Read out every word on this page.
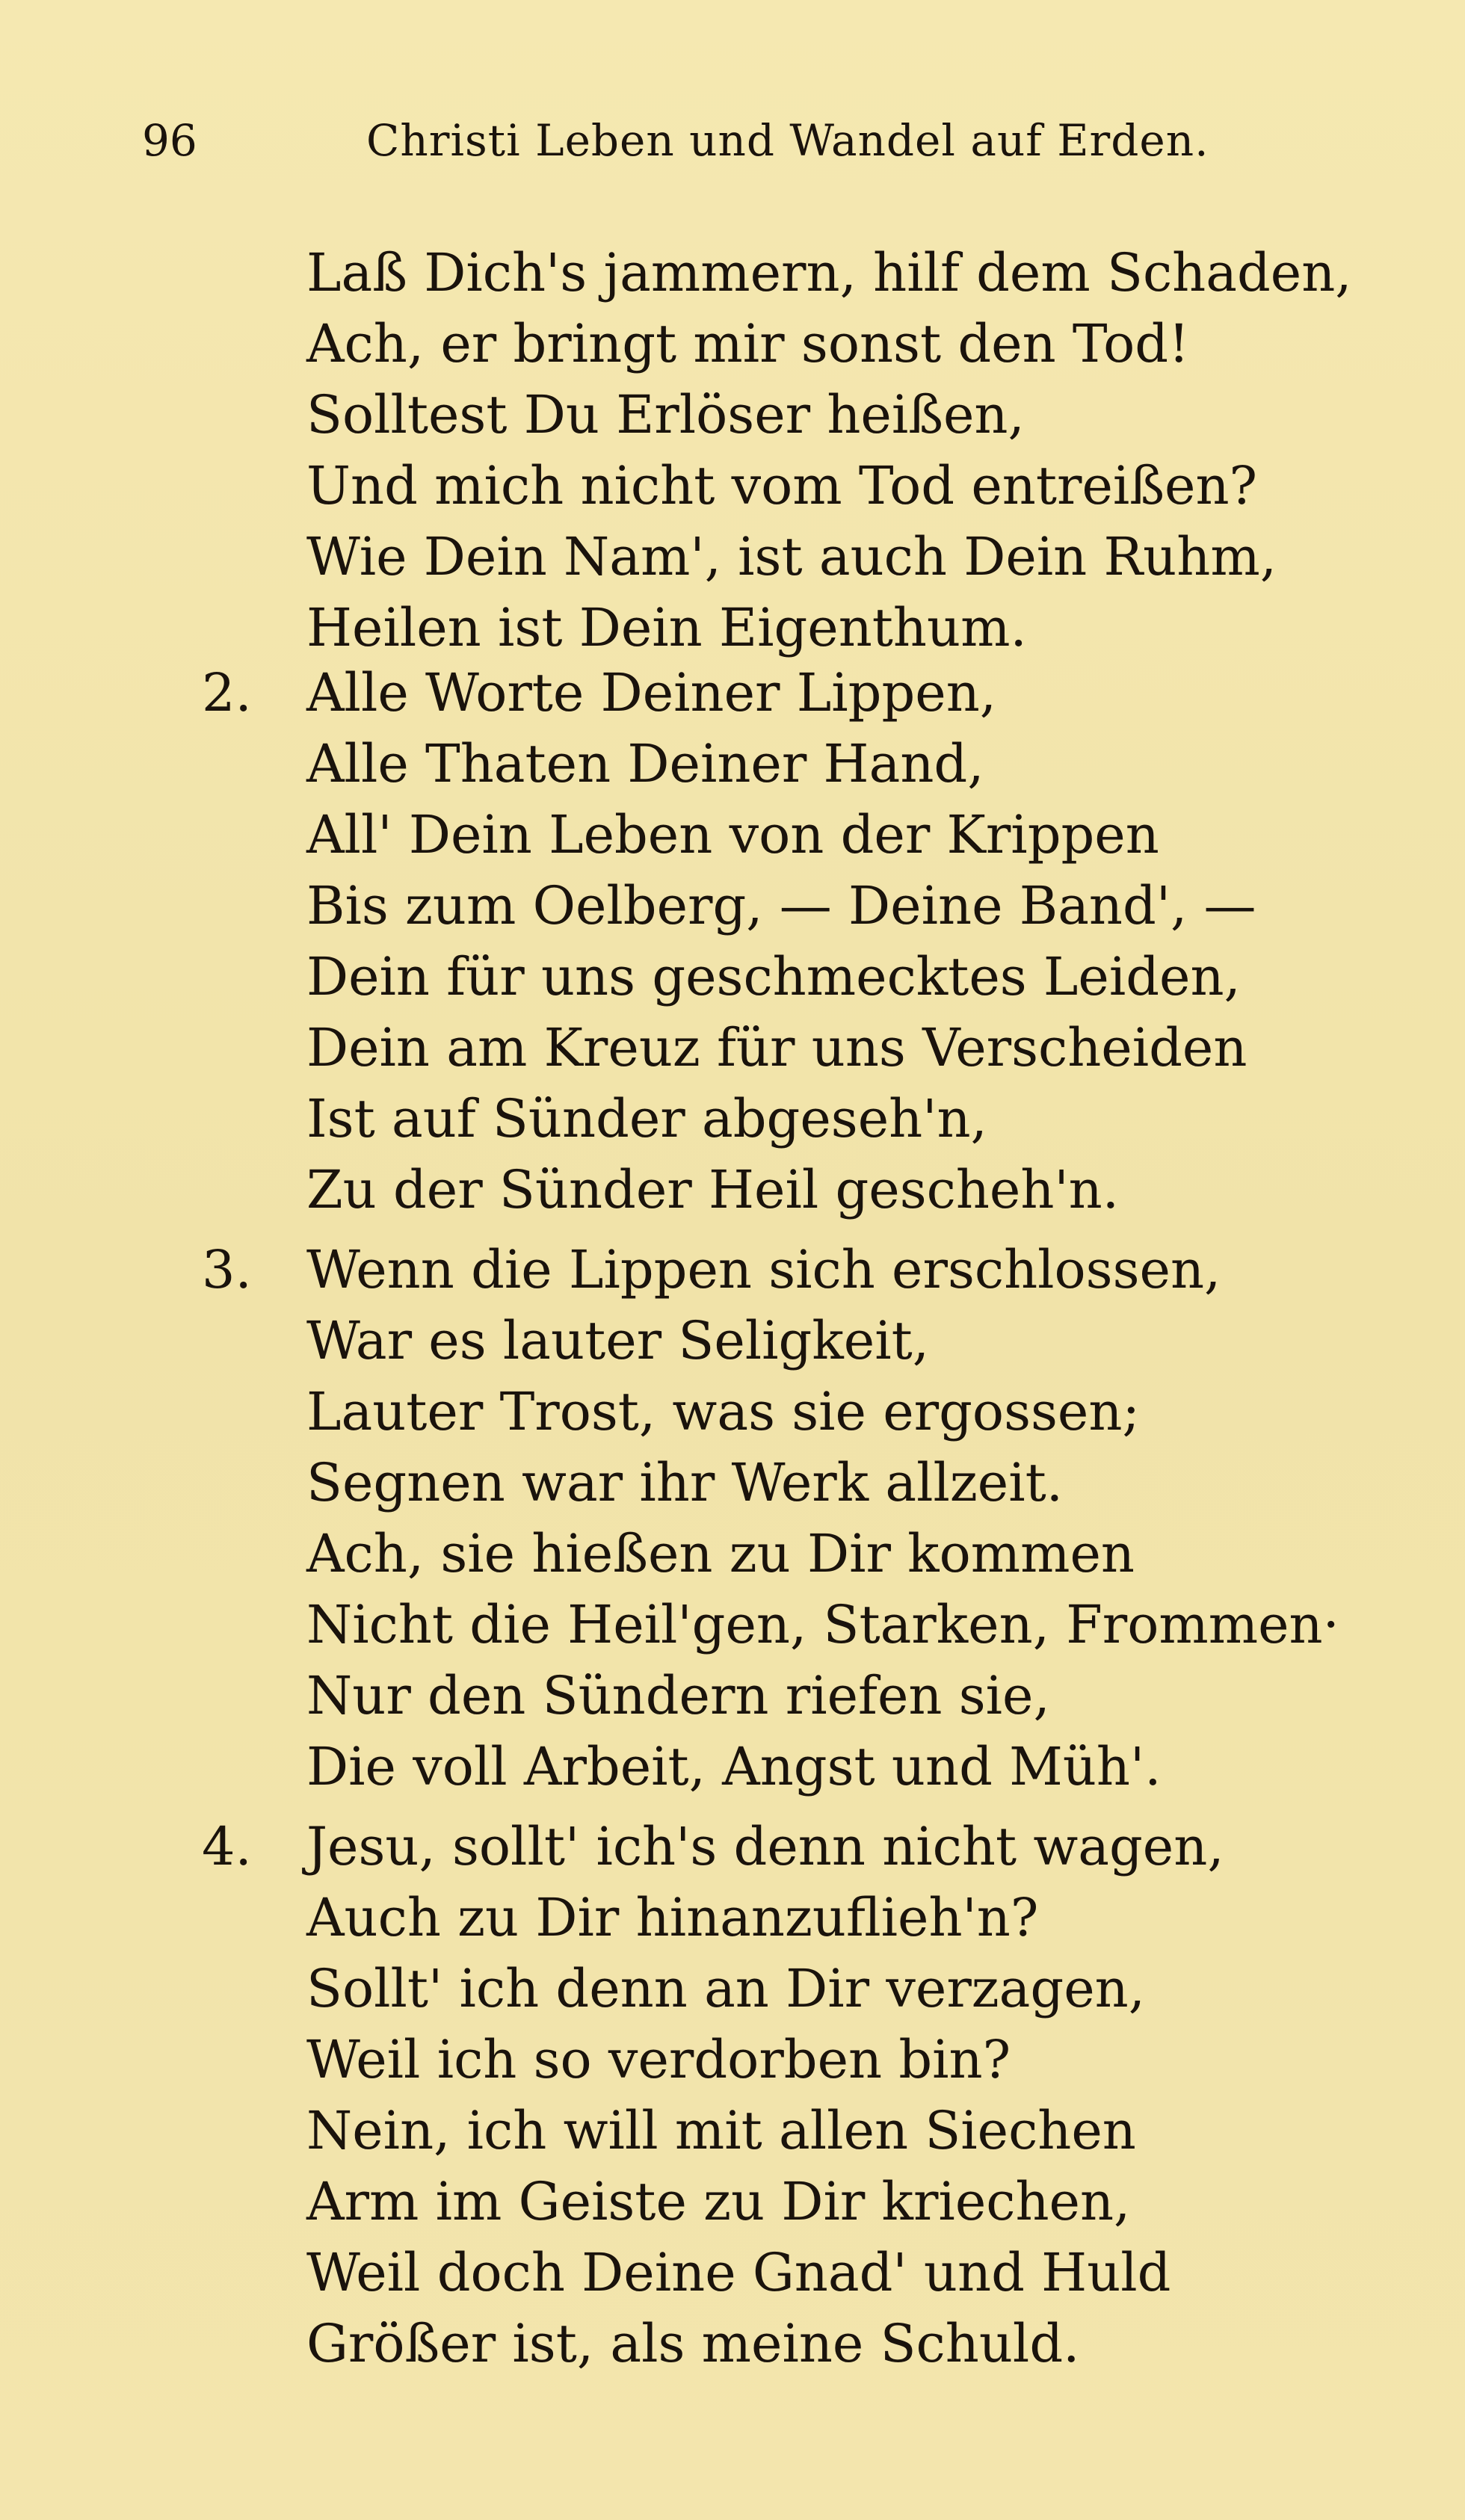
96	Christi Leben und Wandel auf Erden.
Laß Dich's jammern, hilf dem Schaden,
Ach, er bringt mir sonst den Tod!
Solltest Du Erlöser heißen,
Und mich nicht vom Tod entreißen?
Wie Dein Nam', ist auch Dein Ruhm,
Heilen ist Dein Eigenthum.
2. Alle Worte Deiner Lippen,
Alle Thaten Deiner Hand,
All' Dein Leben von der Krippen
Bis zum Oelberg, — Deine Band', —
Dein für uns geschmecktes Leiden,
Dein am Kreuz für uns Verscheiden
Ist auf Sünder abgeseh'n,
Zu der Sünder Heil gescheh'n.
3. Wenn die Lippen sich erschlossen,
War es lauter Seligkeit,
Lauter Trost, was sie ergossen;
Segnen war ihr Werk allzeit.
Ach, sie hießen zu Dir kommen
Nicht die Heil'gen, Starken, Frommen·
Nur den Sündern riefen sie,
Die voll Arbeit, Angst und Müh'.
4. Jesu, sollt' ich's denn nicht wagen,
Auch zu Dir hinanzuflieh'n?
Sollt' ich denn an Dir verzagen,
Weil ich so verdorben bin?
Nein, ich will mit allen Siechen
Arm im Geiste zu Dir kriechen,
Weil doch Deine Gnad' und Huld
Größer ist, als meine Schuld.
